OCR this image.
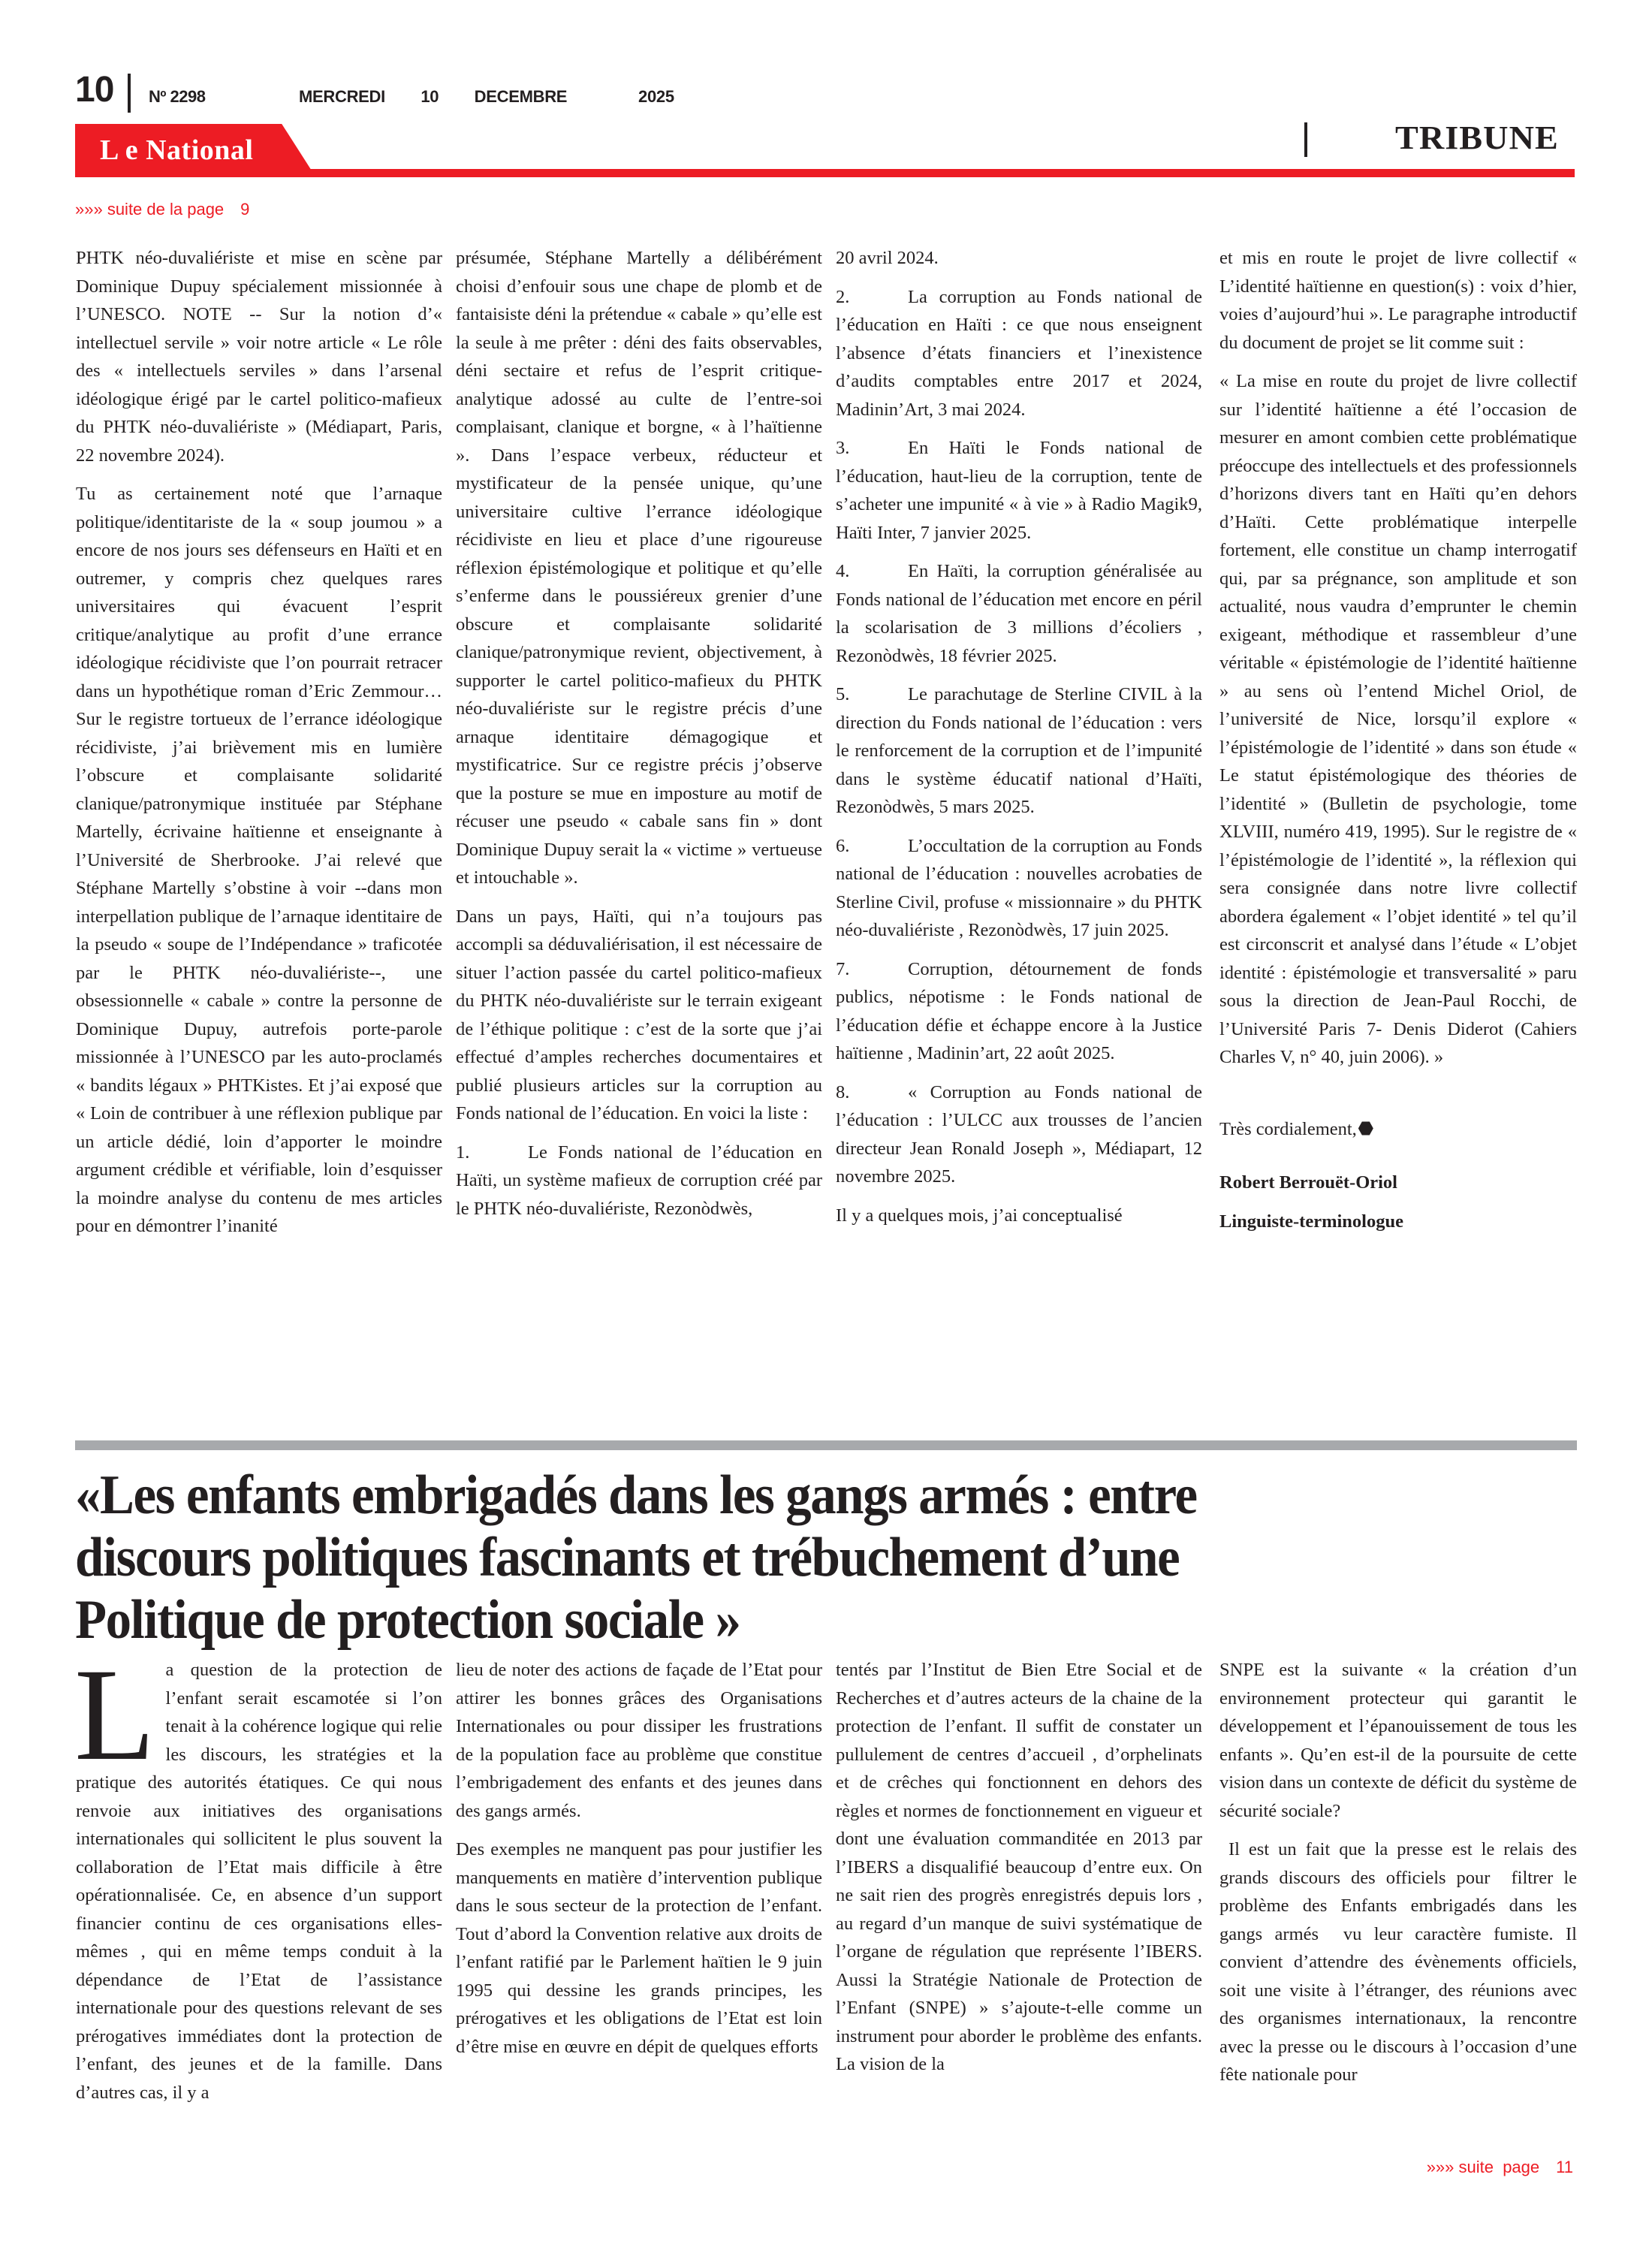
10 Nº 2298	MERCREDI   10   DECEMBRE      2025
L e National	TRIBUNE
»»» suite de la page 9

PHTK néo-duvaliériste et mise en scène par Dominique Dupuy spécialement missionnée à l’UNESCO. NOTE -- Sur la notion d’« intellectuel servile » voir notre article « Le rôle des « intellectuels serviles » dans l’arsenal idéologique érigé par le cartel politico-mafieux du PHTK néo-duvaliériste » (Médiapart, Paris, 22 novembre 2024).

Tu as certainement noté que l’arnaque politique/identitariste de la « soup joumou » a encore de nos jours ses défenseurs en Haïti et en outremer, y compris chez quelques rares universitaires qui évacuent l’esprit critique/analytique au profit d’une errance idéologique récidiviste que l’on pourrait retracer dans un hypothétique roman d’Eric Zemmour… Sur le registre tortueux de l’errance idéologique récidiviste, j’ai brièvement mis en lumière l’obscure et complaisante solidarité clanique/patronymique instituée par Stéphane Martelly, écrivaine haïtienne et enseignante à l’Université de Sherbrooke. J’ai relevé que Stéphane Martelly s’obstine à voir --dans mon interpellation publique de l’arnaque identitaire de la pseudo « soupe de l’Indépendance » traficotée par le PHTK néo-duvaliériste--, une obsessionnelle « cabale » contre la personne de Dominique Dupuy, autrefois porte-parole missionnée à l’UNESCO par les auto-proclamés « bandits légaux » PHTKistes. Et j’ai exposé que « Loin de contribuer à une réflexion publique par un article dédié, loin d’apporter le moindre argument crédible et vérifiable, loin d’esquisser la moindre analyse du contenu de mes articles pour en démontrer l’inanité

présumée, Stéphane Martelly a délibérément choisi d’enfouir sous une chape de plomb et de fantaisiste déni la prétendue « cabale » qu’elle est la seule à me prêter : déni des faits observables, déni sectaire et refus de l’esprit critique-analytique adossé au culte de l’entre-soi complaisant, clanique et borgne, « à l’haïtienne ». Dans l’espace verbeux, réducteur et mystificateur de la pensée unique, qu’une universitaire cultive l’errance idéologique récidiviste en lieu et place d’une rigoureuse réflexion épistémologique et politique et qu’elle s’enferme dans le poussiéreux grenier d’une obscure et complaisante solidarité clanique/patronymique revient, objectivement, à supporter le cartel politico-mafieux du PHTK néo-duvaliériste sur le registre précis d’une arnaque identitaire démagogique et mystificatrice. Sur ce registre précis j’observe que la posture se mue en imposture au motif de récuser une pseudo « cabale sans fin » dont Dominique Dupuy serait la « victime » vertueuse et intouchable ».

Dans un pays, Haïti, qui n’a toujours pas accompli sa déduvaliérisation, il est nécessaire de situer l’action passée du cartel politico-mafieux du PHTK néo-duvaliériste sur le terrain exigeant de l’éthique politique : c’est de la sorte que j’ai effectué d’amples recherches documentaires et publié plusieurs articles sur la corruption au Fonds national de l’éducation. En voici la liste :

1.	Le Fonds national de l’éducation en Haïti, un système mafieux de corruption créé par le PHTK néo-duvaliériste, Rezonòdwès,

20 avril 2024.

2.	La corruption au Fonds national de l’éducation en Haïti : ce que nous enseignent l’absence d’états financiers et l’inexistence d’audits comptables entre 2017 et 2024, Madinin’Art, 3 mai 2024.

3.	En Haïti le Fonds national de l’éducation, haut-lieu de la corruption, tente de s’acheter une impunité « à vie » à Radio Magik9, Haïti Inter, 7 janvier 2025.

4.	En Haïti, la corruption généralisée au Fonds national de l’éducation met encore en péril la scolarisation de 3 millions d’écoliers , Rezonòdwès, 18 février 2025.

5.	Le parachutage de Sterline CIVIL à la direction du Fonds national de l’éducation : vers le renforcement de la corruption et de l’impunité dans le système éducatif national d’Haïti, Rezonòdwès, 5 mars 2025.

6.	L’occultation de la corruption au Fonds national de l’éducation : nouvelles acrobaties de Sterline Civil, profuse « missionnaire » du PHTK néo-duvaliériste , Rezonòdwès, 17 juin 2025.

7.	Corruption, détournement de fonds publics, népotisme : le Fonds national de l’éducation défie et échappe encore à la Justice haïtienne , Madinin’art, 22 août 2025.

8.	« Corruption au Fonds national de l’éducation : l’ULCC aux trousses de l’ancien directeur Jean Ronald Joseph », Médiapart, 12 novembre 2025.

Il y a quelques mois, j’ai conceptualisé

et mis en route le projet de livre collectif « L’identité haïtienne en question(s) : voix d’hier, voies d’aujourd’hui ». Le paragraphe introductif du document de projet se lit comme suit :

« La mise en route du projet de livre collectif sur l’identité haïtienne a été l’occasion de mesurer en amont combien cette problématique préoccupe des intellectuels et des professionnels d’horizons divers tant en Haïti qu’en dehors d’Haïti. Cette problématique interpelle fortement, elle constitue un champ interrogatif qui, par sa prégnance, son amplitude et son actualité, nous vaudra d’emprunter le chemin exigeant, méthodique et rassembleur d’une véritable « épistémologie de l’identité haïtienne » au sens où l’entend Michel Oriol, de l’université de Nice, lorsqu’il explore « l’épistémologie de l’identité » dans son étude « Le statut épistémologique des théories de l’identité » (Bulletin de psychologie, tome XLVIII, numéro 419, 1995). Sur le registre de « l’épistémologie de l’identité », la réflexion qui sera consignée dans notre livre collectif abordera également « l’objet identité » tel qu’il est circonscrit et analysé dans l’étude « L’objet identité : épistémologie et transversalité » paru sous la direction de Jean-Paul Rocchi, de l’Université Paris 7- Denis Diderot (Cahiers Charles V, n° 40, juin 2006). »

Très cordialement,

Robert Berrouët-Oriol

Linguiste-terminologue

«Les enfants embrigadés dans les gangs armés : entre
discours politiques fascinants et trébuchement d’une
Politique de protection sociale »

La question de la protection de l’enfant serait escamotée si l’on tenait à la cohérence logique qui relie les discours, les stratégies et la pratique des autorités étatiques. Ce qui nous renvoie aux initiatives des organisations internationales qui sollicitent le plus souvent la collaboration de l’Etat mais difficile à être opérationnalisée. Ce, en absence d’un support financier continu de ces organisations elles-mêmes , qui en même temps conduit à la dépendance de l’Etat de l’assistance internationale pour des questions relevant de ses prérogatives immédiates dont la protection de l’enfant, des jeunes et de la famille. Dans d’autres cas, il y a

lieu de noter des actions de façade de l’Etat pour attirer les bonnes grâces des Organisations Internationales ou pour dissiper les frustrations de la population face au problème que constitue l’embrigadement des enfants et des jeunes dans des gangs armés.

Des exemples ne manquent pas pour justifier les manquements en matière d’intervention publique dans le sous secteur de la protection de l’enfant. Tout d’abord la Convention relative aux droits de l’enfant ratifié par le Parlement haïtien le 9 juin 1995 qui dessine les grands principes, les prérogatives et les obligations de l’Etat est loin d’être mise en œuvre en dépit de quelques efforts

tentés par l’Institut de Bien Etre Social et de Recherches et d’autres acteurs de la chaine de la protection de l’enfant. Il suffit de constater un pullulement de centres d’accueil , d’orphelinats et de crêches qui fonctionnent en dehors des règles et normes de fonctionnement en vigueur et dont une évaluation commanditée en 2013 par l’IBERS a disqualifié beaucoup d’entre eux. On ne sait rien des progrès enregistrés depuis lors , au regard d’un manque de suivi systématique de l’organe de régulation que représente l’IBERS. Aussi la Stratégie Nationale de Protection de l’Enfant (SNPE) » s’ajoute-t-elle comme un instrument pour aborder le problème des enfants. La vision de la

SNPE est la suivante « la création d’un environnement protecteur qui garantit le développement et l’épanouissement de tous les enfants ». Qu’en est-il de la poursuite de cette vision dans un contexte de déficit du système de sécurité sociale?

Il est un fait que la presse est le relais des grands discours des officiels pour  filtrer le problème des Enfants embrigadés dans les gangs armés  vu leur caractère fumiste. Il convient d’attendre des évènements officiels, soit une visite à l’étranger, des réunions avec des organismes internationaux, la rencontre avec la presse ou le discours à l’occasion d’une fête nationale pour

»»» suite  page 11
